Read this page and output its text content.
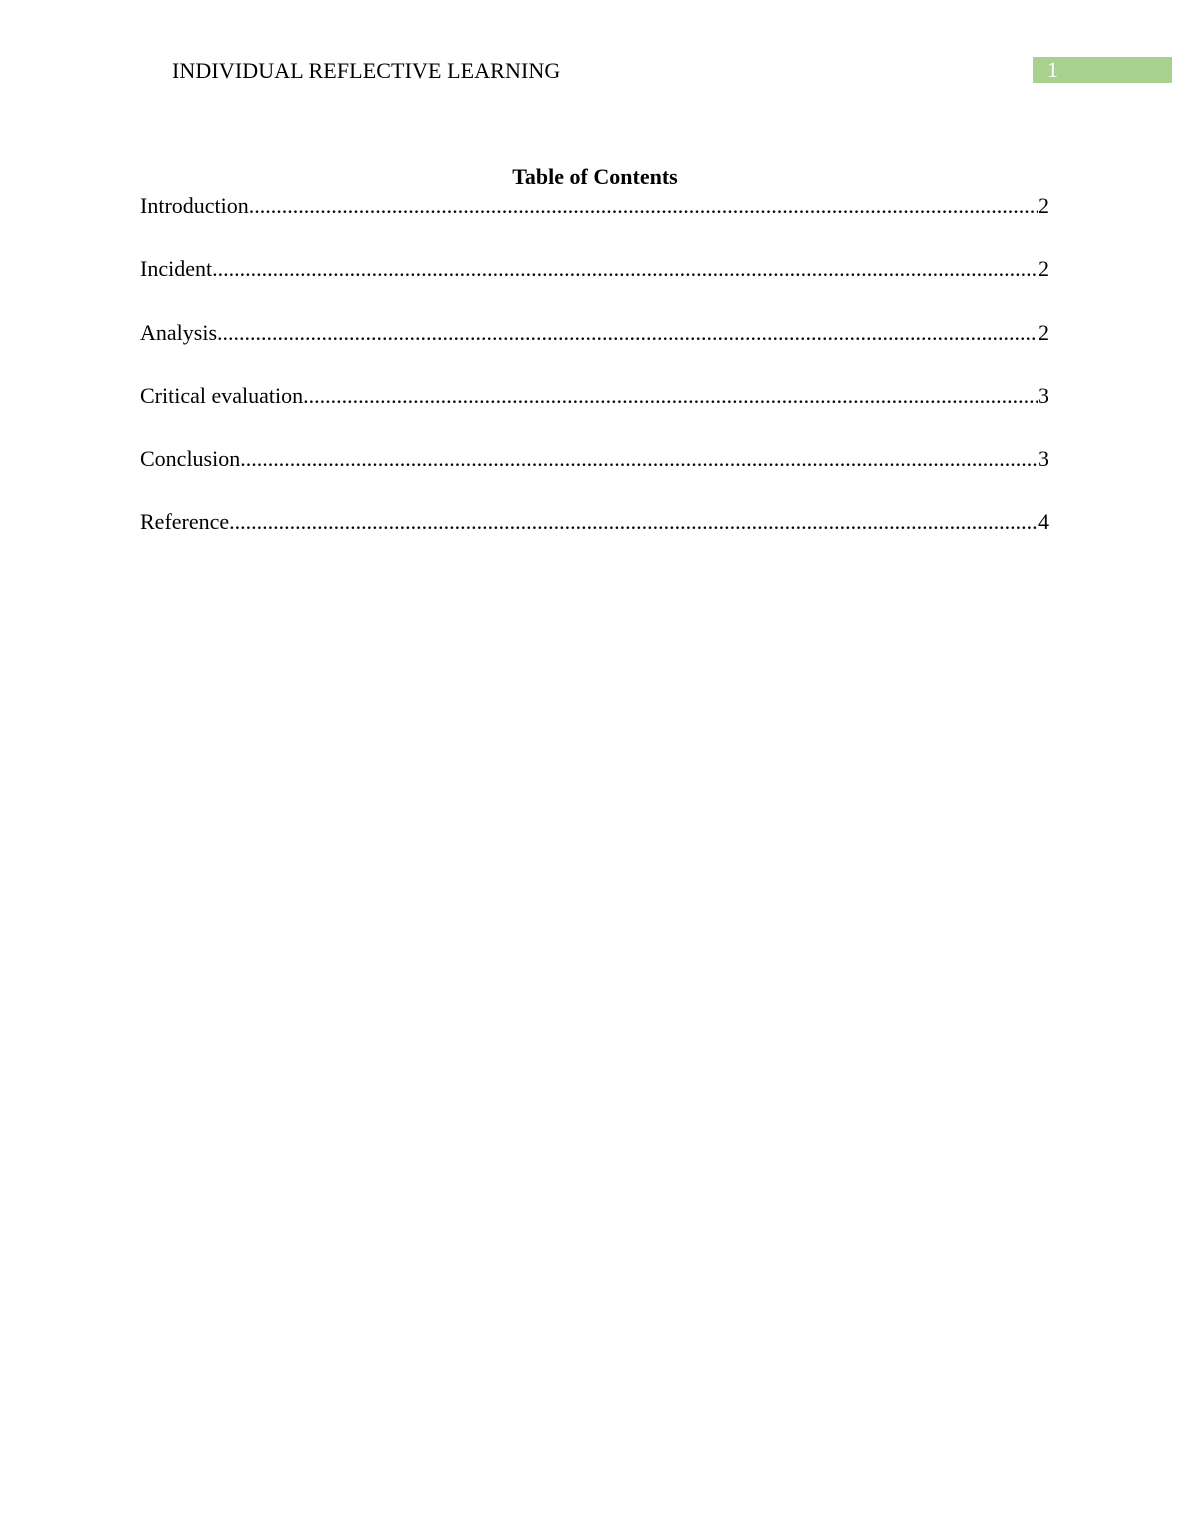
INDIVIDUAL REFLECTIVE LEARNING	1
Table of Contents
Introduction .....	2
Incident .....	2
Analysis .....	2
Critical evaluation .....	3
Conclusion .....	3
Reference .....	4
